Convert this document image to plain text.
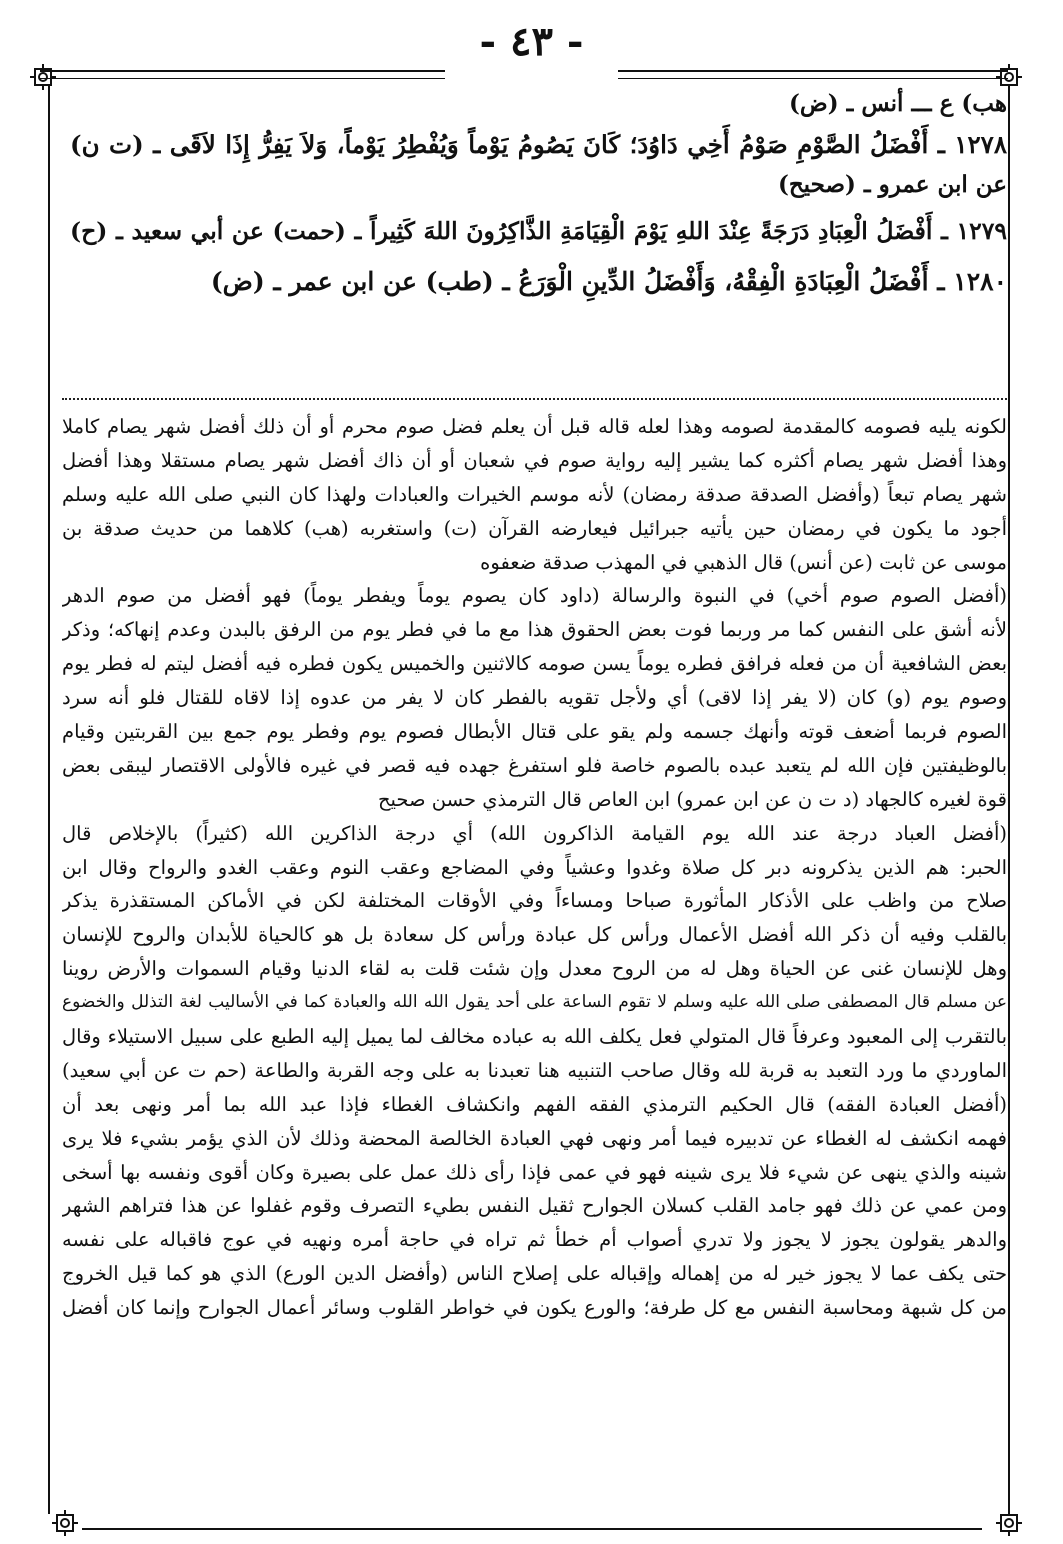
- ٤٣ -
هب) ع ـــ أنس ـ (ض)
١٢٧٨ ـ أَفْضَلُ الصَّوْمِ صَوْمُ أَخِي دَاوُدَ؛ كَانَ يَصُومُ يَوْماً وَيُفْطِرُ يَوْماً، وَلاَ يَفِرُّ إِذَا لاَقَى ـ (ت ن)
عن ابن عمرو ـ (صحيح)
١٢٧٩ ـ أَفْضَلُ الْعِبَادِ دَرَجَةً عِنْدَ اللهِ يَوْمَ الْقِيَامَةِ الذَّاكِرُونَ اللهَ كَثِيراً ـ (حمت) عن أبي سعيد ـ (ح)
١٢٨٠ ـ أَفْضَلُ الْعِبَادَةِ الْفِقْهُ، وَأَفْضَلُ الدِّينِ الْوَرَعُ ـ (طب) عن ابن عمر ـ (ض)
لكونه يليه فصومه كالمقدمة لصومه وهذا لعله قاله قبل أن يعلم فضل صوم محرم أو أن ذلك أفضل شهر يصام كاملا
وهذا أفضل شهر يصام أكثره كما يشير إليه رواية صوم في شعبان أو أن ذاك أفضل شهر يصام مستقلا وهذا أفضل
شهر يصام تبعاً (وأفضل الصدقة صدقة رمضان) لأنه موسم الخيرات والعبادات ولهذا كان النبي صلى الله عليه وسلم
أجود ما يكون في رمضان حين يأتيه جبرائيل فيعارضه القرآن (ت) واستغربه (هب) كلاهما من حديث صدقة بن
موسى عن ثابت (عن أنس) قال الذهبي في المهذب صدقة ضعفوه
(أفضل الصوم صوم أخي) في النبوة والرسالة (داود كان يصوم يوماً ويفطر يوماً) فهو أفضل من صوم الدهر
لأنه أشق على النفس كما مر وربما فوت بعض الحقوق هذا مع ما في فطر يوم من الرفق بالبدن وعدم إنهاكه؛ وذكر
بعض الشافعية أن من فعله فرافق فطره يوماً يسن صومه كالاثنين والخميس يكون فطره فيه أفضل ليتم له فطر يوم
وصوم يوم (و) كان (لا يفر إذا لاقى) أي ولأجل تقويه بالفطر كان لا يفر من عدوه إذا لاقاه للقتال فلو أنه سرد
الصوم فربما أضعف قوته وأنهك جسمه ولم يقو على قتال الأبطال فصوم يوم وفطر يوم جمع بين القربتين وقيام
بالوظيفتين فإن الله لم يتعبد عبده بالصوم خاصة فلو استفرغ جهده فيه قصر في غيره فالأولى الاقتصار ليبقى بعض
قوة لغيره كالجهاد (د ت ن عن ابن عمرو) ابن العاص قال الترمذي حسن صحيح
(أفضل العباد درجة عند الله يوم القيامة الذاكرون الله) أي درجة الذاكرين الله (كثيراً) بالإخلاص قال
الحبر: هم الذين يذكرونه دبر كل صلاة وغدوا وعشياً وفي المضاجع وعقب النوم وعقب الغدو والرواح وقال ابن
صلاح من واظب على الأذكار المأثورة صباحا ومساءاً وفي الأوقات المختلفة لكن في الأماكن المستقذرة يذكر
بالقلب وفيه أن ذكر الله أفضل الأعمال ورأس كل عبادة ورأس كل سعادة بل هو كالحياة للأبدان والروح للإنسان
وهل للإنسان غنى عن الحياة وهل له من الروح معدل وإن شئت قلت به لقاء الدنيا وقيام السموات والأرض روينا
عن مسلم قال المصطفى صلى الله عليه وسلم لا تقوم الساعة على أحد يقول الله الله والعبادة كما في الأساليب لغة التذلل والخضوع
بالتقرب إلى المعبود وعرفاً قال المتولي فعل يكلف الله به عباده مخالف لما يميل إليه الطبع على سبيل الاستيلاء وقال
الماوردي ما ورد التعبد به قربة لله وقال صاحب التنبيه هنا تعبدنا به على وجه القربة والطاعة (حم ت عن أبي سعيد)
(أفضل العبادة الفقه) قال الحكيم الترمذي الفقه الفهم وانكشاف الغطاء فإذا عبد الله بما أمر ونهى بعد أن
فهمه انكشف له الغطاء عن تدبيره فيما أمر ونهى فهي العبادة الخالصة المحضة وذلك لأن الذي يؤمر بشيء فلا يرى
شينه والذي ينهى عن شيء فلا يرى شينه فهو في عمى فإذا رأى ذلك عمل على بصيرة وكان أقوى ونفسه بها أسخى
ومن عمي عن ذلك فهو جامد القلب كسلان الجوارح ثقيل النفس بطيء التصرف وقوم غفلوا عن هذا فتراهم الشهر
والدهر يقولون يجوز لا يجوز ولا تدري أصواب أم خطأ ثم تراه في حاجة أمره ونهيه في عوج فاقباله على نفسه
حتى يكف عما لا يجوز خير له من إهماله وإقباله على إصلاح الناس (وأفضل الدين الورع) الذي هو كما قيل الخروج
من كل شبهة ومحاسبة النفس مع كل طرفة؛ والورع يكون في خواطر القلوب وسائر أعمال الجوارح وإنما كان أفضل
